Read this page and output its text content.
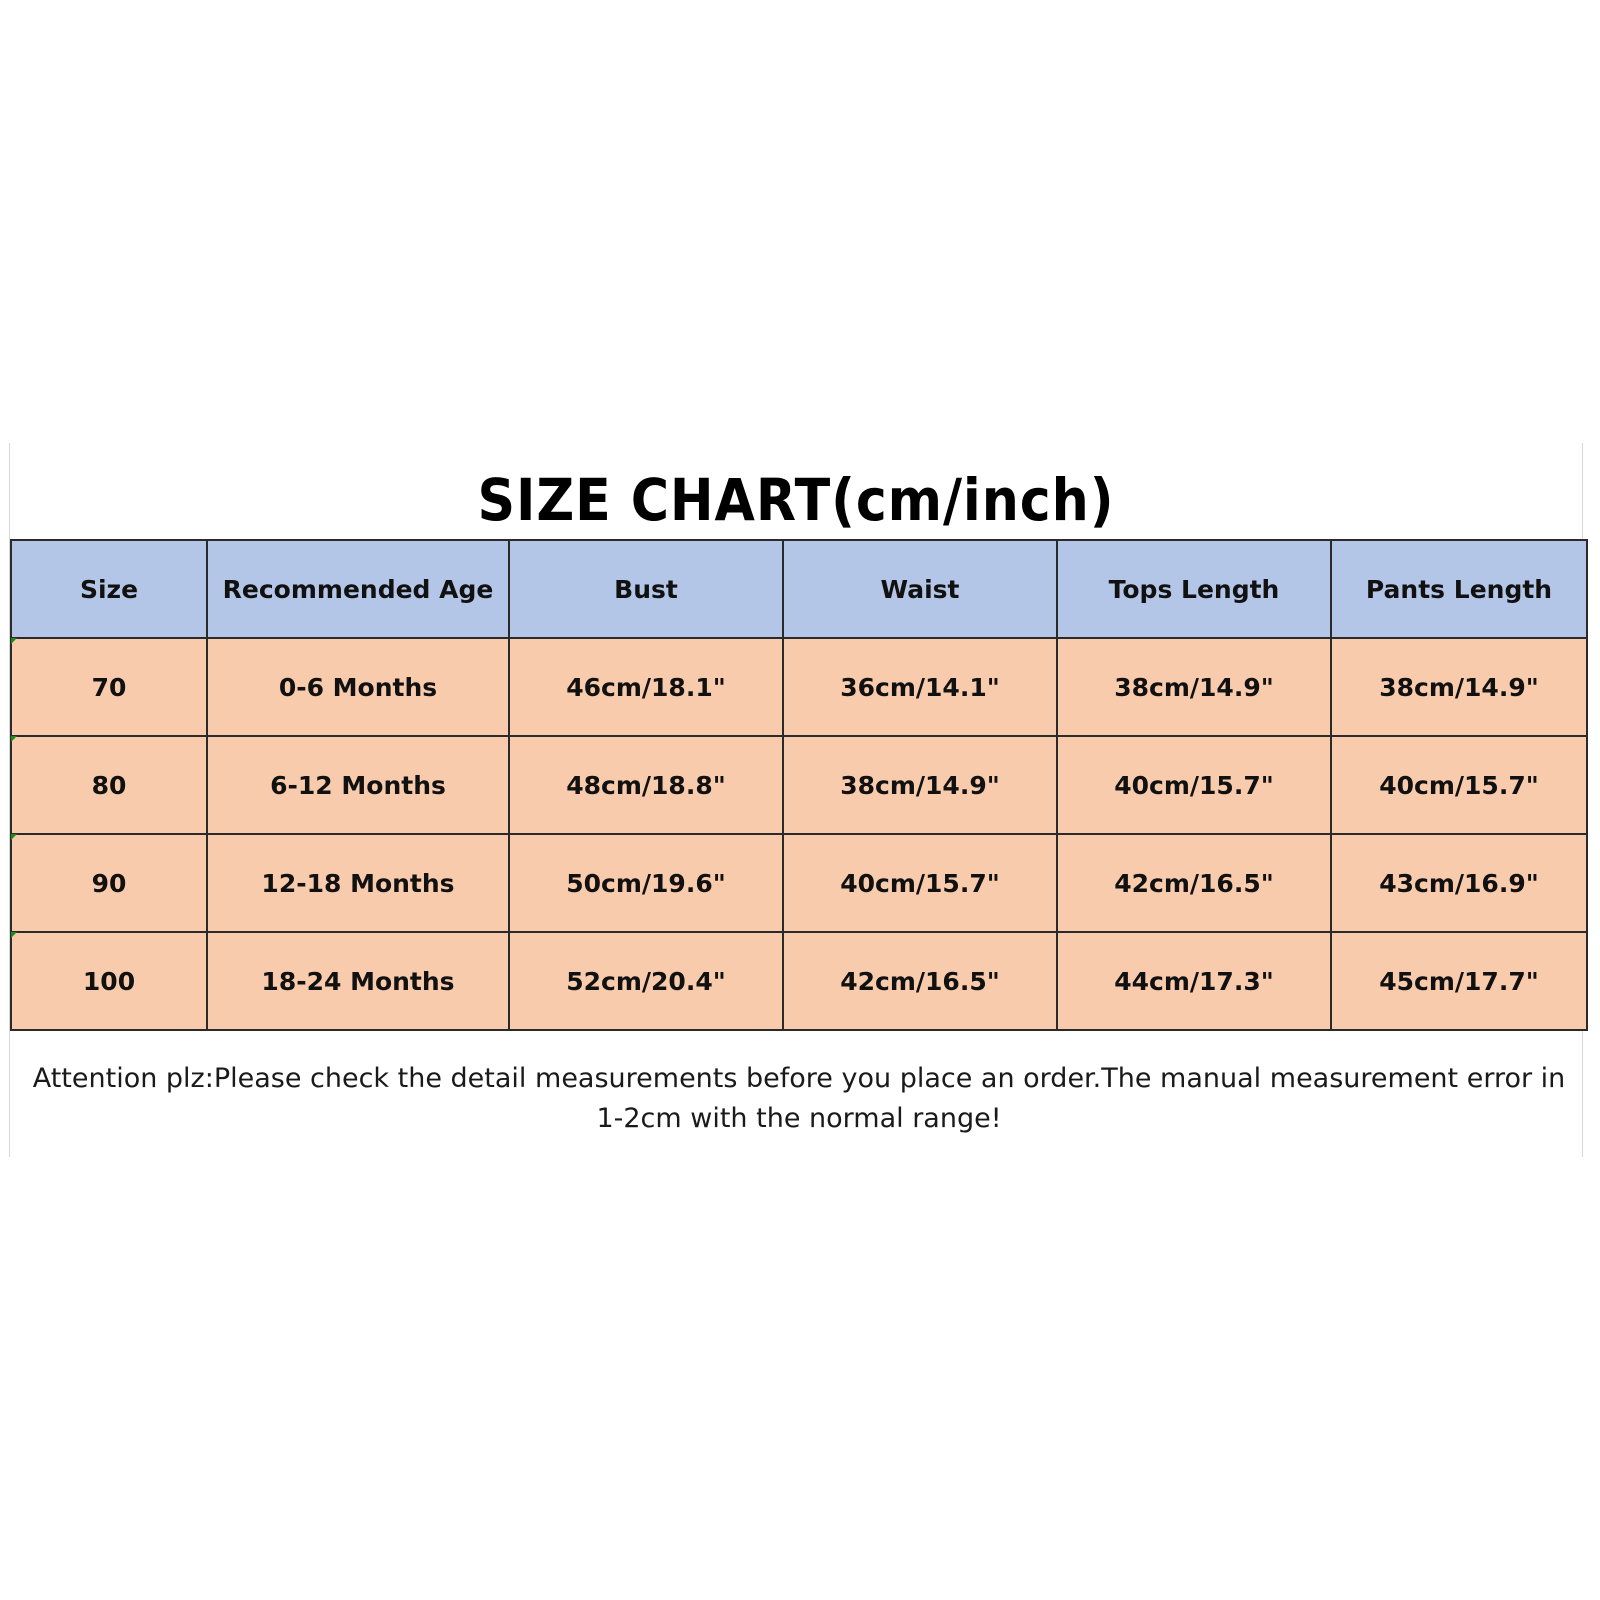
SIZE CHART(cm/inch)
Size	Recommended Age	Bust	Waist	Tops Length	Pants Length
70	0-6 Months	46cm/18.1"	36cm/14.1"	38cm/14.9"	38cm/14.9"
80	6-12 Months	48cm/18.8"	38cm/14.9"	40cm/15.7"	40cm/15.7"
90	12-18 Months	50cm/19.6"	40cm/15.7"	42cm/16.5"	43cm/16.9"
100	18-24 Months	52cm/20.4"	42cm/16.5"	44cm/17.3"	45cm/17.7"
Attention plz:Please check the detail measurements before you place an order.The manual measurement error in 1-2cm with the normal range!
